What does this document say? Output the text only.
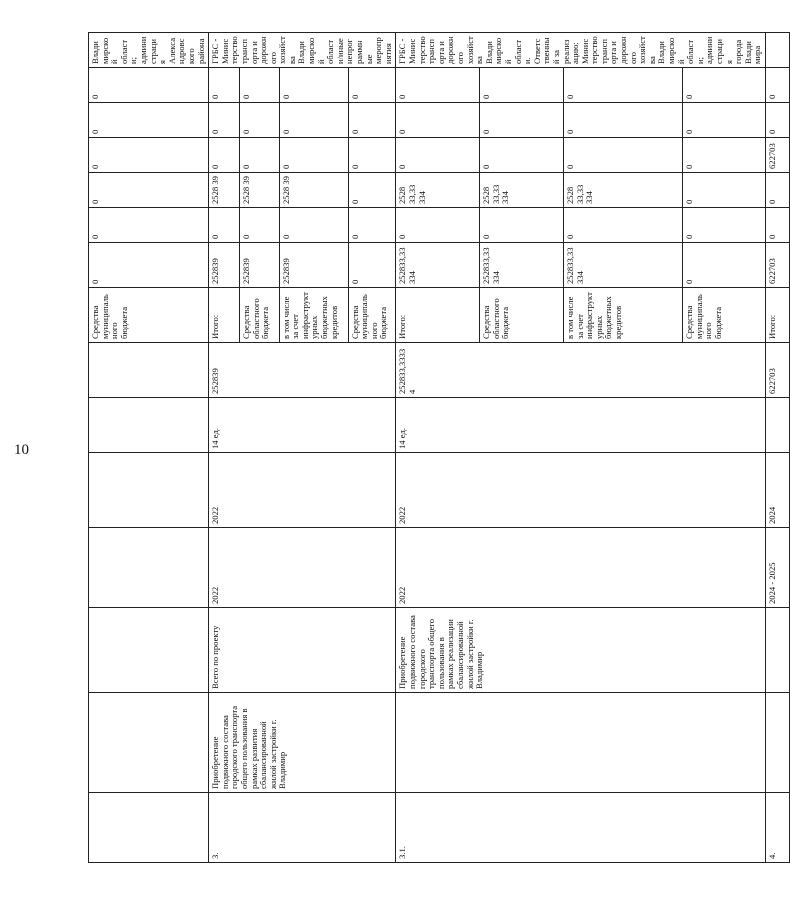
10
							Средства муниципального бюджета	0	0	0	0	0	0	Владимирской области; администрация Александровского района
3.	Приобретение подвижного состава городского транспорта общего пользования в рамках развития сбалансированной жилой застройки г. Владимир	Всего по проекту	2022	2022	14 ед.	252839	Итого:	252839	0	2528 39	0	0	0	ГРБС - Министерство транспорта и дорожного хозяйства Владимирской области/иные непрограммные мероприятия
							Средства областного бюджета	252839	0	2528 39	0	0	0	
							в том числе за счет инфраструктурных бюджетных кредитов	252839	0	2528 39	0	0	0	
							Средства муниципального бюджета	0	0	0	0	0	0	
3.1.		Приобретение подвижного состава городского транспорта общего пользования в рамках реализации сбалансированной жилой застройки г. Владимир	2022	2022	14 ед.	252833,33334	Итого:	252833,33334	0	2528 33,33 334	0	0	0	ГРБС - Министерство транспорта и дорожного хозяйства Владимирской области. Ответственный за реализацию: Министерство транспорта и дорожного хозяйства Владимирской области; администрация города Владимира
							Средства областного бюджета	252833,33334	0	2528 33,33 334	0	0	0	
							в том числе за счет инфраструктурных бюджетных кредитов	252833,33334	0	2528 33,33 334	0	0	0	
							Средства муниципального бюджета	0	0	0	0	0	0	
4.			2024 - 2025	2024		622703	Итого:	622703	0	0	622703	0	0	
